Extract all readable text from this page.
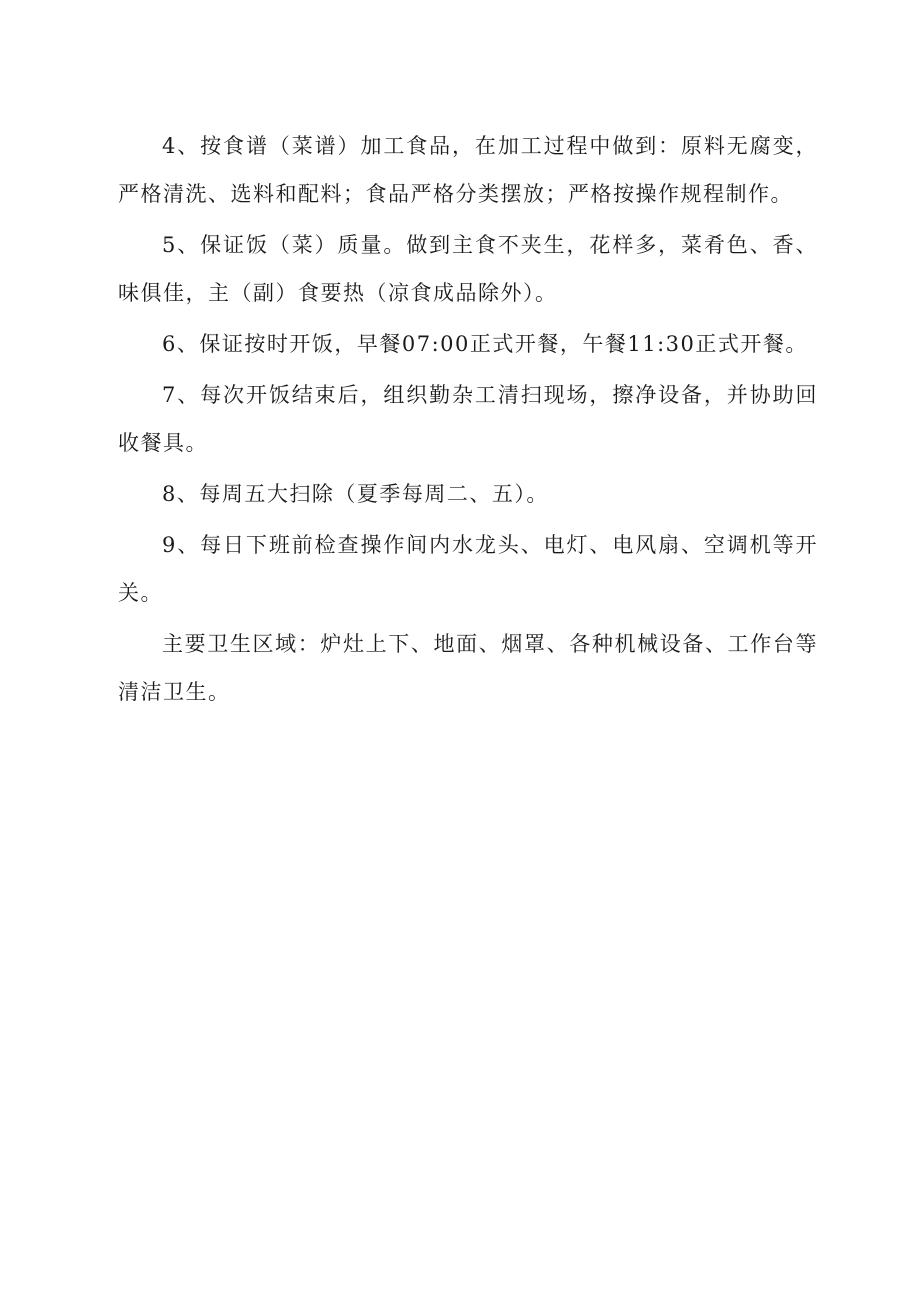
4、按食谱（菜谱）加工食品，在加工过程中做到：原料无腐变，严格清洗、选料和配料；食品严格分类摆放；严格按操作规程制作。

5、保证饭（菜）质量。做到主食不夹生，花样多，菜肴色、香、味俱佳，主（副）食要热（凉食成品除外）。

6、保证按时开饭，早餐07:00正式开餐，午餐11:30正式开餐。

7、每次开饭结束后，组织勤杂工清扫现场，擦净设备，并协助回收餐具。

8、每周五大扫除（夏季每周二、五）。

9、每日下班前检查操作间内水龙头、电灯、电风扇、空调机等开关。

主要卫生区域：炉灶上下、地面、烟罩、各种机械设备、工作台等清洁卫生。
